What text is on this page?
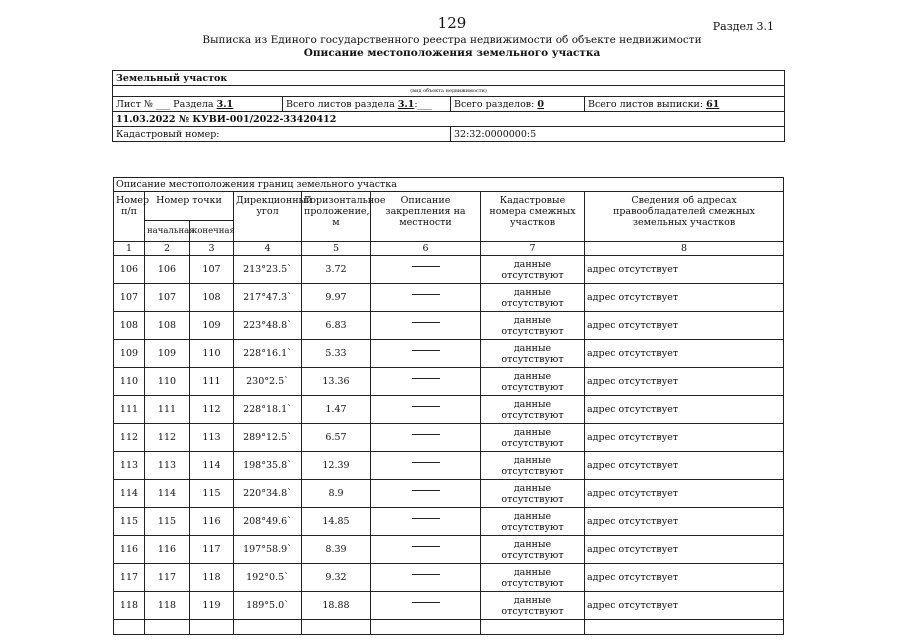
129	Раздел 3.1
Выписка из Единого государственного реестра недвижимости об объекте недвижимости
Описание местоположения земельного участка
Земельный участок			
(вид объекта недвижимости)			
Лист № ___ Раздела 3.1	Всего листов раздела 3.1:___	Всего разделов: 0	Всего листов выписки: 61
11.03.2022 № КУВИ-001/2022-33420412			
Кадастровый номер:		32:32:0000000:5	
Описание местоположения границ земельного участка							
Номер п/п	Номер точки		Дирекционный угол	Горизонтальное проложение, м	Описание закрепления на местности	Кадастровые номера смежных участков	Сведения об адресах правообладателей смежных земельных участков
	начальная	конечная					
1	2	3	4	5	6	7	8
106	106	107	213°23.5`	3.72		данные отсутствуют	адрес отсутствует
107	107	108	217°47.3`	9.97		данные отсутствуют	адрес отсутствует
108	108	109	223°48.8`	6.83		данные отсутствуют	адрес отсутствует
109	109	110	228°16.1`	5.33		данные отсутствуют	адрес отсутствует
110	110	111	230°2.5`	13.36		данные отсутствуют	адрес отсутствует
111	111	112	228°18.1`	1.47		данные отсутствуют	адрес отсутствует
112	112	113	289°12.5`	6.57		данные отсутствуют	адрес отсутствует
113	113	114	198°35.8`	12.39		данные отсутствуют	адрес отсутствует
114	114	115	220°34.8`	8.9		данные отсутствуют	адрес отсутствует
115	115	116	208°49.6`	14.85		данные отсутствуют	адрес отсутствует
116	116	117	197°58.9`	8.39		данные отсутствуют	адрес отсутствует
117	117	118	192°0.5`	9.32		данные отсутствуют	адрес отсутствует
118	118	119	189°5.0`	18.88		данные отсутствуют	адрес отсутствует
